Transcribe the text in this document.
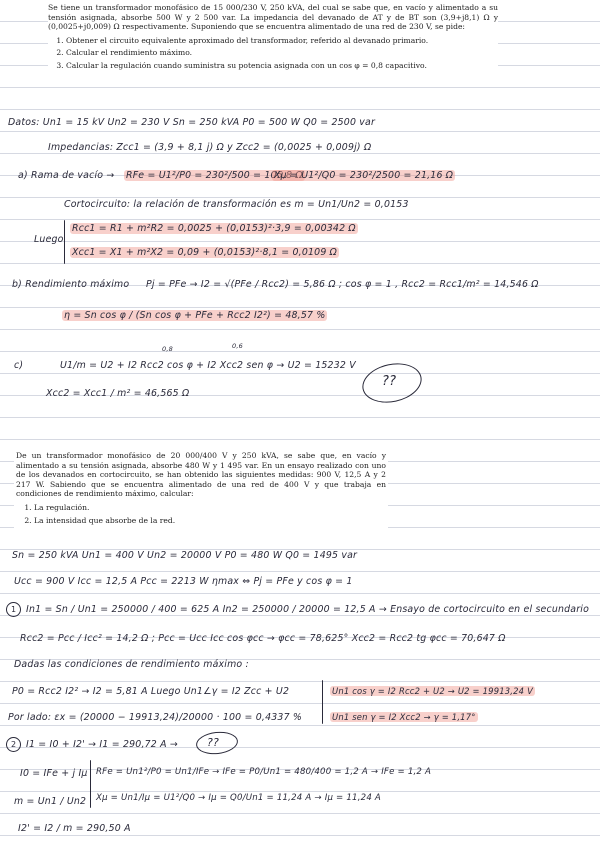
Se tiene un transformador monofásico de 15 000/230 V, 250 kVA, del cual se sabe que, en vacío y alimentado a su tensión asignada, absorbe 500 W y 2 500 var. La impedancia del devanado de AT y de BT son (3,9+j8,1) Ω y (0,0025+j0,009) Ω respectivamente. Suponiendo que se encuentra alimentado de una red de 230 V, se pide:
1. Obtener el circuito equivalente aproximado del transformador, referido al devanado primario.
2. Calcular el rendimiento máximo.
3. Calcular la regulación cuando suministra su potencia asignada con un cos φ = 0,8 capacitivo.
Datos: Un1 = 15 kV Un2 = 230 V Sn = 250 kVA P0 = 500 W Q0 = 2500 var
Impedancias: Zcc1 = (3,9 + 8,1 j) Ω y Zcc2 = (0,0025 + 0,009j) Ω
a) Rama de vacío → RFe = U1²/P0 = 230²/500 = 105,8 Ω
Xμ = U1²/Q0 = 230²/2500 = 21,16 Ω
Cortocircuito: la relación de transformación es m = Un1/Un2 = 0,0153
Luego
Rcc1 = R1 + m²R2 = 0,0025 + (0,0153)²·3,9 = 0,00342 Ω
Xcc1 = X1 + m²X2 = 0,09 + (0,0153)²·8,1 = 0,0109 Ω
b) Rendimiento máximo Pj = PFe → I2 = √(PFe / Rcc2) = 5,86 Ω ; cos φ = 1 , Rcc2 = Rcc1/m² = 14,546 Ω
η = Sn cos φ / (Sn cos φ + PFe + Rcc2 I2²) = 48,57 %
0,8	0,6
c)	U1/m = U2 + I2 Rcc2 cos φ + I2 Xcc2 sen φ → U2 = 15232 V
Xcc2 = Xcc1 / m² = 46,565 Ω
??
De un transformador monofásico de 20 000/400 V y 250 kVA, se sabe que, en vacío y alimentado a su tensión asignada, absorbe 480 W y 1 495 var. En un ensayo realizado con uno de los devanados en cortocircuito, se han obtenido las siguientes medidas: 900 V, 12,5 A y 2 217 W. Sabiendo que se encuentra alimentado de una red de 400 V y que trabaja en condiciones de rendimiento máximo, calcular:
1. La regulación.
2. La intensidad que absorbe de la red.
Sn = 250 kVA Un1 = 400 V Un2 = 20000 V P0 = 480 W Q0 = 1495 var
Ucc = 900 V Icc = 12,5 A Pcc = 2213 W ηmax ⇔ Pj = PFe y cos φ = 1
1	In1 = Sn / Un1 = 250000 / 400 = 625 A In2 = 250000 / 20000 = 12,5 A → Ensayo de cortocircuito en el secundario
Rcc2 = Pcc / Icc² = 14,2 Ω ; Pcc = Ucc Icc cos φcc → φcc = 78,625° Xcc2 = Rcc2 tg φcc = 70,647 Ω
Dadas las condiciones de rendimiento máximo :
P0 = Rcc2 I2² → I2 = 5,81 A Luego Un1∠γ = I2 Zcc + U2	Un1 cos γ = I2 Rcc2 + U2 → U2 = 19913,24 V
Por lado: εx = (20000 − 19913,24)/20000 · 100 = 0,4337 %	Un1 sen γ = I2 Xcc2 → γ = 1,17°
2	I1 = I0 + I2' → I1 = 290,72 A →	??
I0 = IFe + j Iμ RFe = Un1²/P0 = Un1/IFe → IFe = P0/Un1 = 480/400 = 1,2 A → IFe = 1,2 A
m = Un1 / Un2 Xμ = Un1/Iμ = U1²/Q0 → Iμ = Q0/Un1 = 11,24 A → Iμ = 11,24 A
I2' = I2 / m = 290,50 A
